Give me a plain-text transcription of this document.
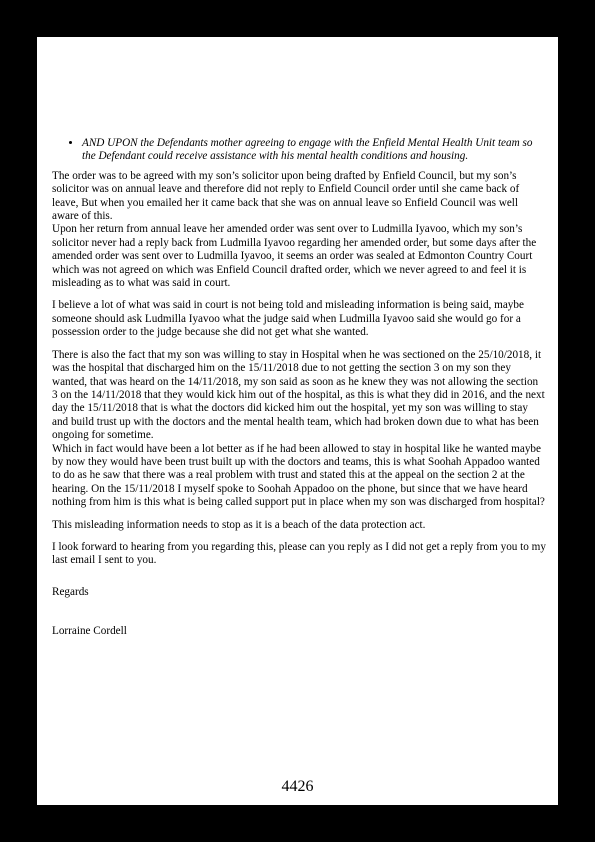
• AND UPON the Defendants mother agreeing to engage with the Enfield Mental Health Unit team so the Defendant could receive assistance with his mental health conditions and housing.

The order was to be agreed with my son’s solicitor upon being drafted by Enfield Council, but my son’s solicitor was on annual leave and therefore did not reply to Enfield Council order until she came back of leave, But when you emailed her it came back that she was on annual leave so Enfield Council was well aware of this.

Upon her return from annual leave her amended order was sent over to Ludmilla Iyavoo, which my son’s solicitor never had a reply back from Ludmilla Iyavoo regarding her amended order, but some days after the amended order was sent over to Ludmilla Iyavoo, it seems an order was sealed at Edmonton Country Court which was not agreed on which was Enfield Council drafted order, which we never agreed to and feel it is misleading as to what was said in court.

I believe a lot of what was said in court is not being told and misleading information is being said, maybe someone should ask Ludmilla Iyavoo what the judge said when Ludmilla Iyavoo said she would go for a possession order to the judge because she did not get what she wanted.

There is also the fact that my son was willing to stay in Hospital when he was sectioned on the 25/10/2018, it was the hospital that discharged him on the 15/11/2018 due to not getting the section 3 on my son they wanted, that was heard on the 14/11/2018, my son said as soon as he knew they was not allowing the section 3 on the 14/11/2018 that they would kick him out of the hospital, as this is what they did in 2016, and the next day the 15/11/2018 that is what the doctors did kicked him out the hospital, yet my son was willing to stay and build trust up with the doctors and the mental health team, which had broken down due to what has been ongoing for sometime.

Which in fact would have been a lot better as if he had been allowed to stay in hospital like he wanted maybe by now they would have been trust built up with the doctors and teams, this is what Soohah Appadoo wanted to do as he saw that there was a real problem with trust and stated this at the appeal on the section 2 at the hearing. On the 15/11/2018 I myself spoke to Soohah Appadoo on the phone, but since that we have heard nothing from him is this what is being called support put in place when my son was discharged from hospital?

This misleading information needs to stop as it is a beach of the data protection act.

I look forward to hearing from you regarding this, please can you reply as I did not get a reply from you to my last email I sent to you.

Regards

Lorraine Cordell

4426
